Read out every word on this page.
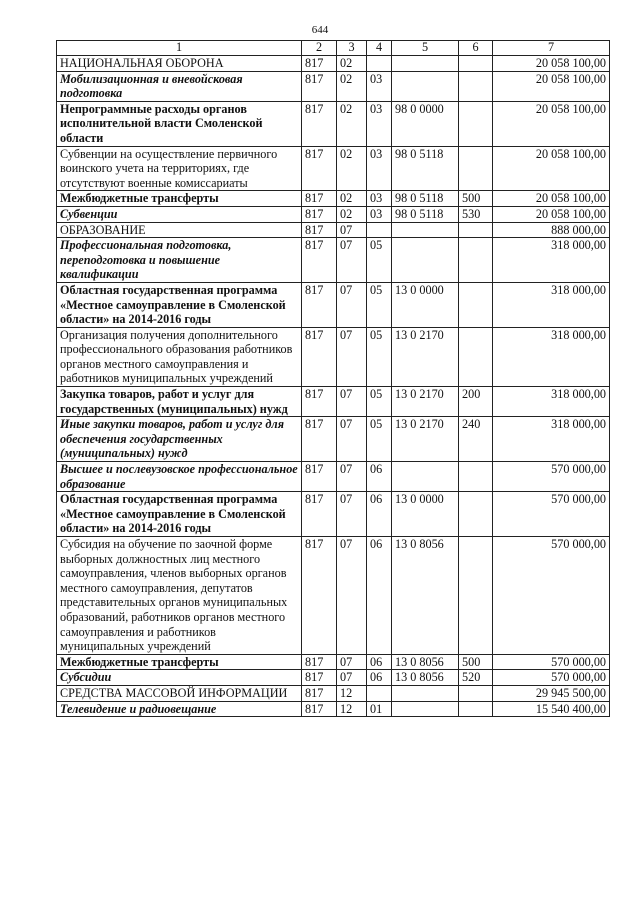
644
1	2	3	4	5	6	7
НАЦИОНАЛЬНАЯ ОБОРОНА	817	02				20 058 100,00
Мобилизационная и вневойсковая подготовка	817	02	03			20 058 100,00
Непрограммные расходы органов исполнительной власти Смоленской области	817	02	03	98 0 0000		20 058 100,00
Субвенции на осуществление первичного воинского учета на территориях, где отсутствуют военные комиссариаты	817	02	03	98 0 5118		20 058 100,00
Межбюджетные трансферты	817	02	03	98 0 5118	500	20 058 100,00
Субвенции	817	02	03	98 0 5118	530	20 058 100,00
ОБРАЗОВАНИЕ	817	07				888 000,00
Профессиональная подготовка, переподготовка и повышение квалификации	817	07	05			318 000,00
Областная государственная программа «Местное самоуправление в Смоленской области» на 2014-2016 годы	817	07	05	13 0 0000		318 000,00
Организация получения дополнительного профессионального образования работников органов местного самоуправления и работников муниципальных учреждений	817	07	05	13 0 2170		318 000,00
Закупка товаров, работ и услуг для государственных (муниципальных) нужд	817	07	05	13 0 2170	200	318 000,00
Иные закупки товаров, работ и услуг для обеспечения государственных (муниципальных) нужд	817	07	05	13 0 2170	240	318 000,00
Высшее и послевузовское профессиональное образование	817	07	06			570 000,00
Областная государственная программа «Местное самоуправление в Смоленской области» на 2014-2016 годы	817	07	06	13 0 0000		570 000,00
Субсидия на обучение по заочной форме выборных должностных лиц местного самоуправления, членов выборных органов местного самоуправления, депутатов представительных органов муниципальных образований, работников органов местного самоуправления и работников муниципальных учреждений	817	07	06	13 0 8056		570 000,00
Межбюджетные трансферты	817	07	06	13 0 8056	500	570 000,00
Субсидии	817	07	06	13 0 8056	520	570 000,00
СРЕДСТВА МАССОВОЙ ИНФОРМАЦИИ	817	12				29 945 500,00
Телевидение и радиовещание	817	12	01			15 540 400,00
